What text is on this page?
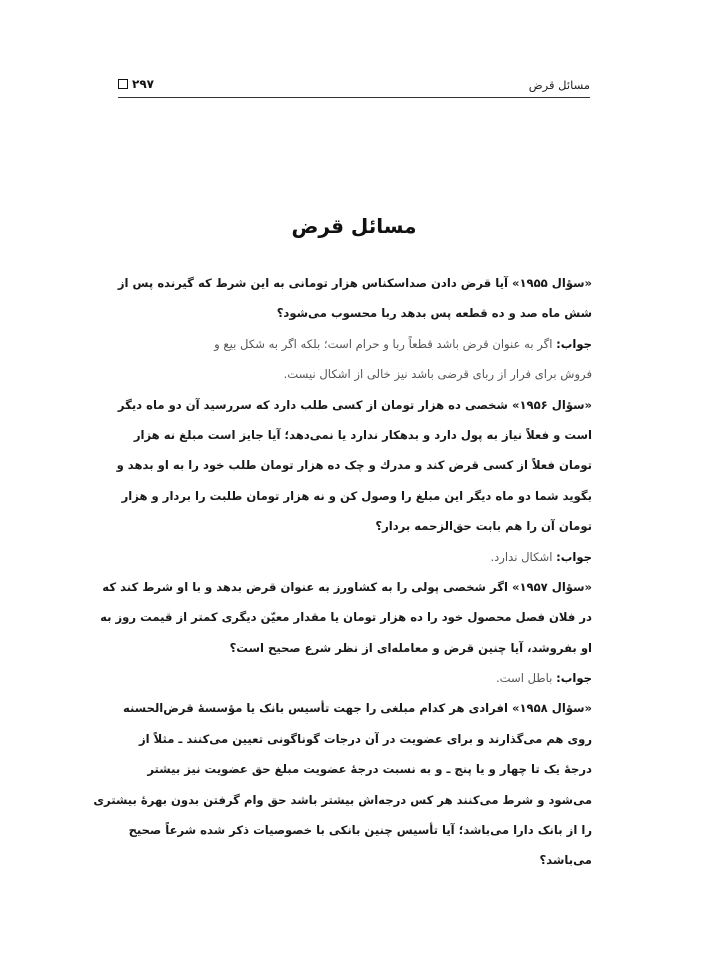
مسائل قرض
۲۹۷
مسائل قرض
«سؤال ۱۹۵۵» آیا قرض دادن صداسکناس هزار تومانی به این شرط که گیرنده پس از
شش ماه صد و ده قطعه پس بدهد ربا محسوب می‌شود؟
جواب: اگر به عنوان قرض باشد قطعاً ربا و حرام است؛ بلکه اگر به شکل بیع و
فروش برای فرار از ربای قرضی باشد نیز خالی از اشکال نیست.
«سؤال ۱۹۵۶» شخصی ده هزار تومان از کسی طلب دارد که سررسید آن دو ماه دیگر
است و فعلاً نیاز به پول دارد و بدهکار ندارد یا نمی‌دهد؛ آیا جایز است مبلغ نه هزار
تومان فعلاً از کسی قرض کند و مدرك و چک ده هزار تومان طلب خود را به او بدهد و
بگوید شما دو ماه دیگر این مبلغ را وصول کن و نه هزار تومان طلبت را بردار و هزار
تومان آن را هم بابت حق‌الزحمه بردار؟
جواب: اشکال ندارد.
«سؤال ۱۹۵۷» اگر شخصی پولی را به کشاورز به عنوان قرض بدهد و با او شرط کند که
در فلان فصل محصول خود را ده هزار تومان یا مقدار معیّن دیگری کمتر از قیمت روز به
او بفروشد، آیا چنین قرض و معامله‌ای از نظر شرع صحیح است؟
جواب: باطل است.
«سؤال ۱۹۵۸» افرادی هر کدام مبلغی را جهت تأسیس بانک یا مؤسسهٔ قرض‌الحسنه
روی هم می‌گذارند و برای عضویت در آن درجات گوناگونی تعیین می‌کنند ـ مثلاً از
درجهٔ یک تا چهار و یا پنج ـ و به نسبت درجهٔ عضویت مبلغ حق عضویت نیز بیشتر
می‌شود و شرط می‌کنند هر کس درجه‌اش بیشتر باشد حق وام گرفتن بدون بهرهٔ بیشتری
را از بانک دارا می‌باشد؛ آیا تأسیس چنین بانکی با خصوصیات ذکر شده شرعاً صحیح
می‌باشد؟
